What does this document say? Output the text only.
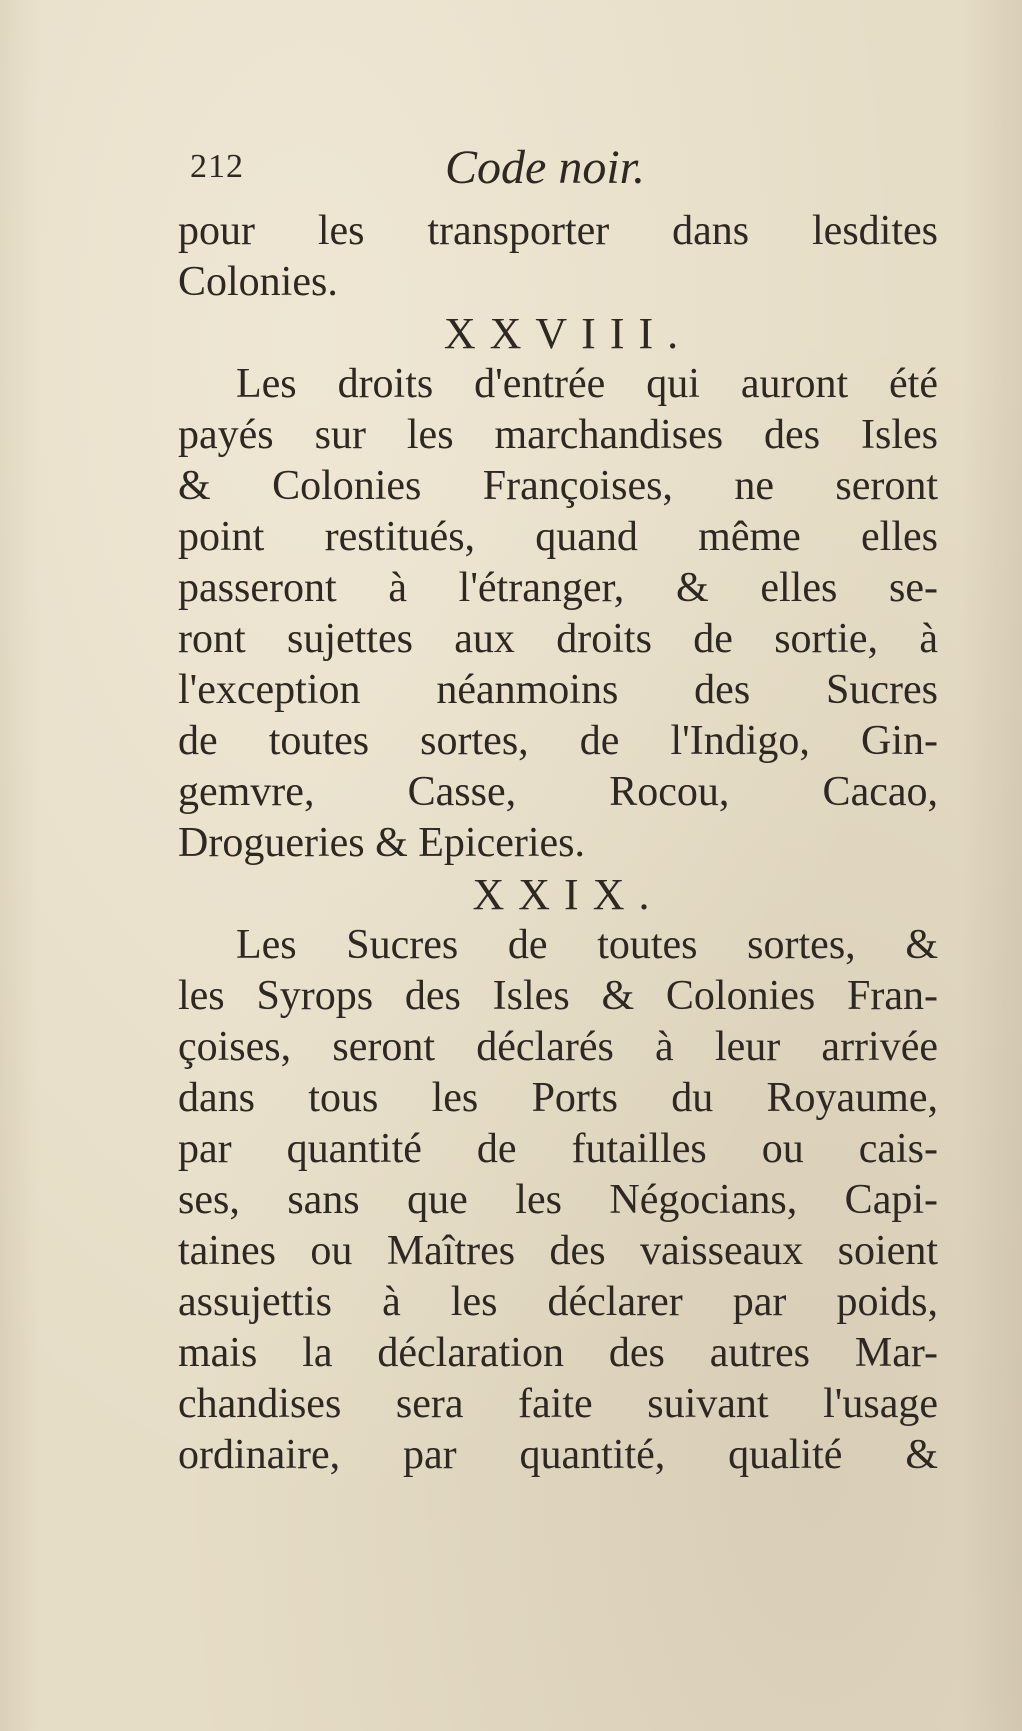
212	Code noir.
pour les transporter dans lesdites
Colonies.
XXVIII.
Les droits d'entrée qui auront été
payés sur les marchandises des Isles
& Colonies Françoises, ne seront
point restitués, quand même elles
passeront à l'étranger, & elles se-
ront sujettes aux droits de sortie, à
l'exception néanmoins des Sucres
de toutes sortes, de l'Indigo, Gin-
gemvre, Casse, Rocou, Cacao,
Drogueries & Epiceries.
XXIX.
Les Sucres de toutes sortes, &
les Syrops des Isles & Colonies Fran-
çoises, seront déclarés à leur arrivée
dans tous les Ports du Royaume,
par quantité de futailles ou cais-
ses, sans que les Négocians, Capi-
taines ou Maîtres des vaisseaux soient
assujettis à les déclarer par poids,
mais la déclaration des autres Mar-
chandises sera faite suivant l'usage
ordinaire, par quantité, qualité &
